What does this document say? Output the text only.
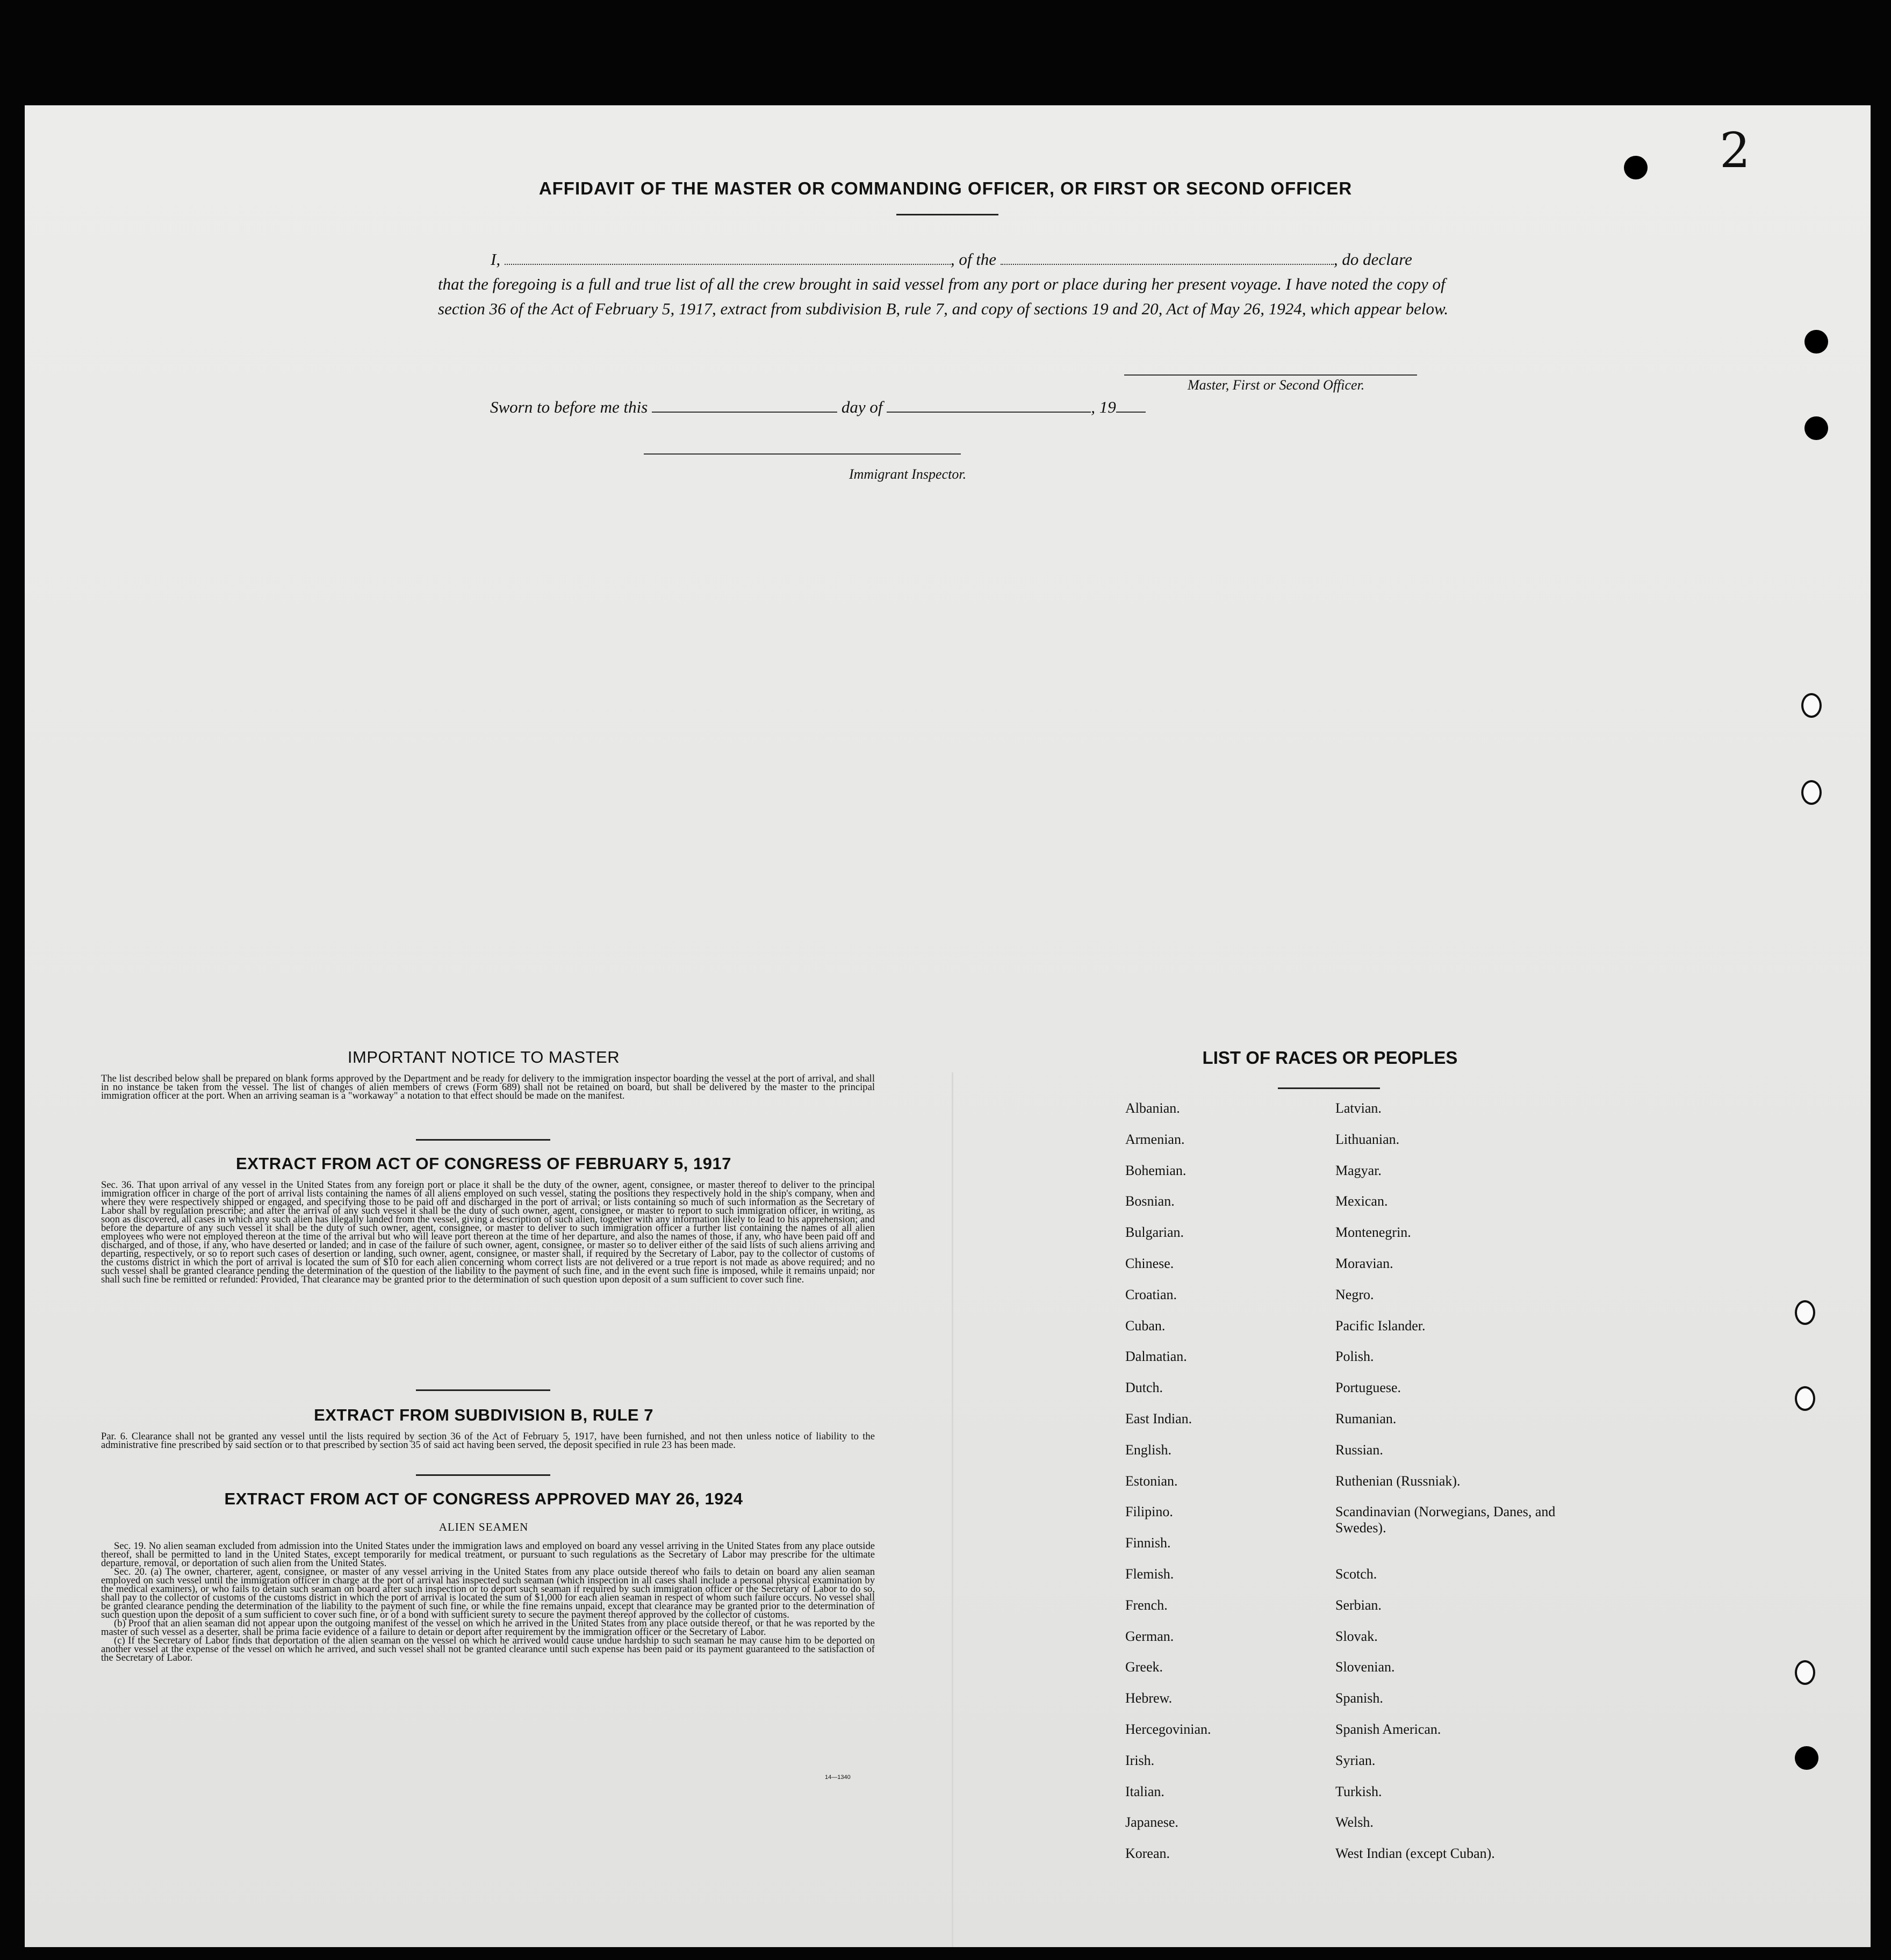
2
AFFIDAVIT OF THE MASTER OR COMMANDING OFFICER, OR FIRST OR SECOND OFFICER
I,	, of the	, do declare
that the foregoing is a full and true list of all the crew brought in said vessel from any port or place during her present voyage. I have noted the copy of section 36 of the Act of February 5, 1917, extract from subdivision B, rule 7, and copy of sections 19 and 20, Act of May 26, 1924, which appear below.
Master, First or Second Officer.
Sworn to before me this	day of	, 19
Immigrant Inspector.
IMPORTANT NOTICE TO MASTER
The list described below shall be prepared on blank forms approved by the Department and be ready for delivery to the immigration inspector boarding the vessel at the port of arrival, and shall in no instance be taken from the vessel. The list of changes of alien members of crews (Form 689) shall not be retained on board, but shall be delivered by the master to the principal immigration officer at the port. When an arriving seaman is a "workaway" a notation to that effect should be made on the manifest.
EXTRACT FROM ACT OF CONGRESS OF FEBRUARY 5, 1917
Sec. 36. That upon arrival of any vessel in the United States from any foreign port or place it shall be the duty of the owner, agent, consignee, or master thereof to deliver to the principal immigration officer in charge of the port of arrival lists containing the names of all aliens employed on such vessel, stating the positions they respectively hold in the ship's company, when and where they were respectively shipped or engaged, and specifying those to be paid off and discharged in the port of arrival; or lists containing so much of such information as the Secretary of Labor shall by regulation prescribe; and after the arrival of any such vessel it shall be the duty of such owner, agent, consignee, or master to report to such immigration officer, in writing, as soon as discovered, all cases in which any such alien has illegally landed from the vessel, giving a description of such alien, together with any information likely to lead to his apprehension; and before the departure of any such vessel it shall be the duty of such owner, agent, consignee, or master to deliver to such immigration officer a further list containing the names of all alien employees who were not employed thereon at the time of the arrival but who will leave port thereon at the time of her departure, and also the names of those, if any, who have been paid off and discharged, and of those, if any, who have deserted or landed; and in case of the failure of such owner, agent, consignee, or master so to deliver either of the said lists of such aliens arriving and departing, respectively, or so to report such cases of desertion or landing, such owner, agent, consignee, or master shall, if required by the Secretary of Labor, pay to the collector of customs of the customs district in which the port of arrival is located the sum of $10 for each alien concerning whom correct lists are not delivered or a true report is not made as above required; and no such vessel shall be granted clearance pending the determination of the question of the liability to the payment of such fine, and in the event such fine is imposed, while it remains unpaid; nor shall such fine be remitted or refunded: Provided, That clearance may be granted prior to the determination of such question upon deposit of a sum sufficient to cover such fine.
EXTRACT FROM SUBDIVISION B, RULE 7
Par. 6. Clearance shall not be granted any vessel until the lists required by section 36 of the Act of February 5, 1917, have been furnished, and not then unless notice of liability to the administrative fine prescribed by said section or to that prescribed by section 35 of said act having been served, the deposit specified in rule 23 has been made.
EXTRACT FROM ACT OF CONGRESS APPROVED MAY 26, 1924
ALIEN SEAMEN

Sec. 19. No alien seaman excluded from admission into the United States under the immigration laws and employed on board any vessel arriving in the United States from any place outside thereof, shall be permitted to land in the United States, except temporarily for medical treatment, or pursuant to such regulations as the Secretary of Labor may prescribe for the ultimate departure, removal, or deportation of such alien from the United States.

Sec. 20. (a) The owner, charterer, agent, consignee, or master of any vessel arriving in the United States from any place outside thereof who fails to detain on board any alien seaman employed on such vessel until the immigration officer in charge at the port of arrival has inspected such seaman (which inspection in all cases shall include a personal physical examination by the medical examiners), or who fails to detain such seaman on board after such inspection or to deport such seaman if required by such immigration officer or the Secretary of Labor to do so, shall pay to the collector of customs of the customs district in which the port of arrival is located the sum of $1,000 for each alien seaman in respect of whom such failure occurs. No vessel shall be granted clearance pending the determination of the liability to the payment of such fine, or while the fine remains unpaid, except that clearance may be granted prior to the determination of such question upon the deposit of a sum sufficient to cover such fine, or of a bond with sufficient surety to secure the payment thereof approved by the collector of customs.

(b) Proof that an alien seaman did not appear upon the outgoing manifest of the vessel on which he arrived in the United States from any place outside thereof, or that he was reported by the master of such vessel as a deserter, shall be prima facie evidence of a failure to detain or deport after requirement by the immigration officer or the Secretary of Labor.

(c) If the Secretary of Labor finds that deportation of the alien seaman on the vessel on which he arrived would cause undue hardship to such seaman he may cause him to be deported on another vessel at the expense of the vessel on which he arrived, and such vessel shall not be granted clearance until such expense has been paid or its payment guaranteed to the satisfaction of the Secretary of Labor.

14—1340
LIST OF RACES OR PEOPLES
Albanian.
Armenian.
Bohemian.
Bosnian.
Bulgarian.
Chinese.
Croatian.
Cuban.
Dalmatian.
Dutch.
East Indian.
English.
Estonian.
Filipino.
Finnish.
Flemish.
French.
German.
Greek.
Hebrew.
Hercegovinian.
Irish.
Italian.
Japanese.
Korean.
Latvian.
Lithuanian.
Magyar.
Mexican.
Montenegrin.
Moravian.
Negro.
Pacific Islander.
Polish.
Portuguese.
Rumanian.
Russian.
Ruthenian (Russniak).
Scandinavian (Norwegians, Danes, and Swedes).
Scotch.
Serbian.
Slovak.
Slovenian.
Spanish.
Spanish American.
Syrian.
Turkish.
Welsh.
West Indian (except Cuban).
